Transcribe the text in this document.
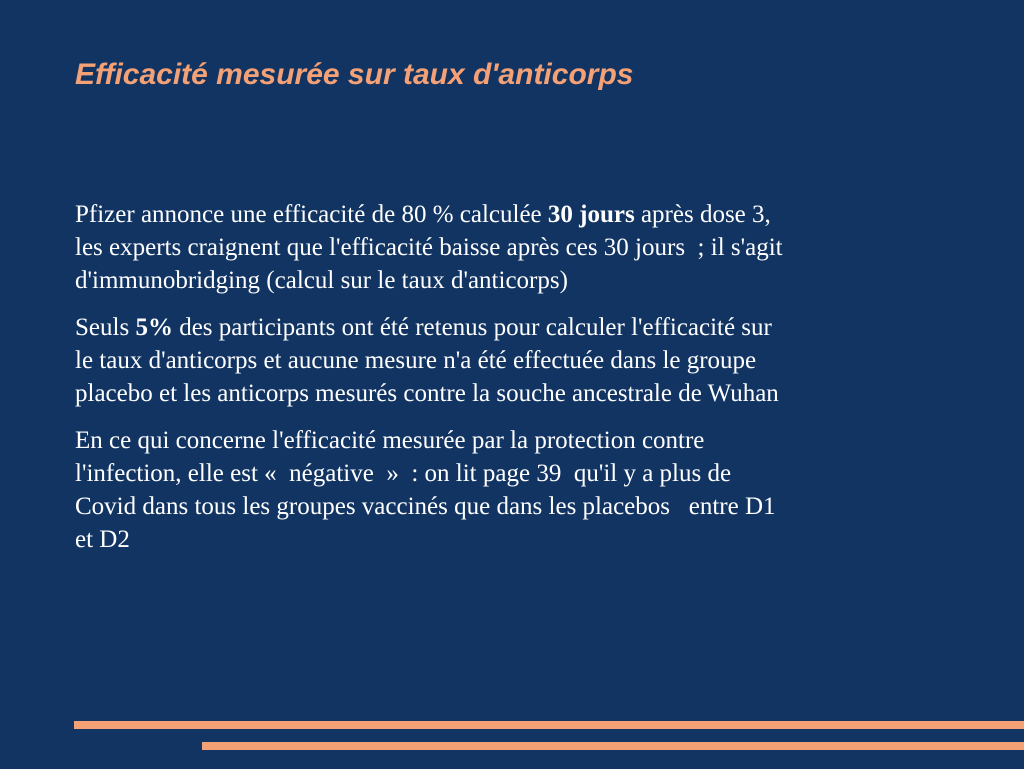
Efficacité mesurée sur taux d'anticorps

Pfizer annonce une efficacité de 80 % calculée 30 jours après dose 3,
les experts craignent que l'efficacité baisse après ces 30 jours  ; il s'agit
d'immunobridging (calcul sur le taux d'anticorps)

Seuls 5% des participants ont été retenus pour calculer l'efficacité sur
le taux d'anticorps et aucune mesure n'a été effectuée dans le groupe
placebo et les anticorps mesurés contre la souche ancestrale de Wuhan

En ce qui concerne l'efficacité mesurée par la protection contre
l'infection, elle est «  négative  »  : on lit page 39  qu'il y a plus de
Covid dans tous les groupes vaccinés que dans les placebos   entre D1
et D2
